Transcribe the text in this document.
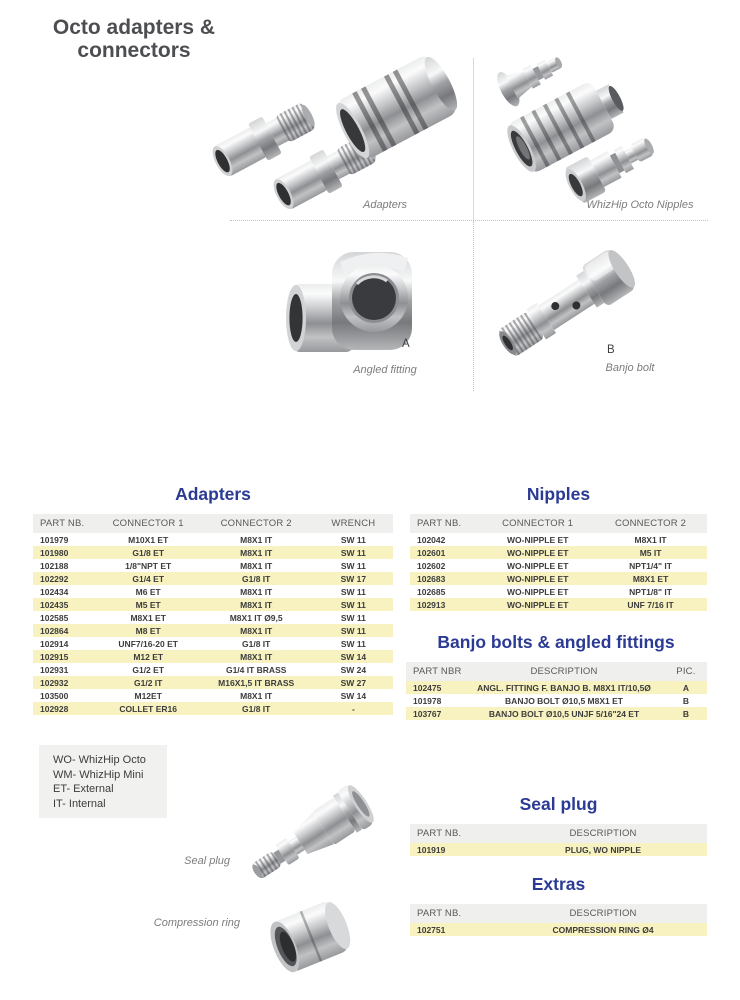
Octo adapters & connectors
Adapters	WhizHip Octo Nipples
A
Angled fitting
B
Banjo bolt
Adapters	Nipples
Banjo bolts & angled fittings
Seal plug
Extras
PART NB.	CONNECTOR 1	CONNECTOR 2	WRENCH
101979	M10X1 ET	M8X1 IT	SW 11
101980	G1/8 ET	M8X1 IT	SW 11
102188	1/8"NPT ET	M8X1 IT	SW 11
102292	G1/4 ET	G1/8 IT	SW 17
102434	M6 ET	M8X1 IT	SW 11
102435	M5 ET	M8X1 IT	SW 11
102585	M8X1 ET	M8X1 IT Ø9,5	SW 11
102864	M8 ET	M8X1 IT	SW 11
102914	UNF7/16-20 ET	G1/8 IT	SW 11
102915	M12 ET	M8X1 IT	SW 14
102931	G1/2 ET	G1/4 IT BRASS	SW 24
102932	G1/2 IT	M16X1,5 IT BRASS	SW 27
103500	M12ET	M8X1 IT	SW 14
102928	COLLET ER16	G1/8 IT	-
PART NB.	CONNECTOR 1	CONNECTOR 2
102042	WO-NIPPLE ET	M8X1 IT
102601	WO-NIPPLE ET	M5 IT
102602	WO-NIPPLE ET	NPT1/4" IT
102683	WO-NIPPLE ET	M8X1 ET
102685	WO-NIPPLE ET	NPT1/8" IT
102913	WO-NIPPLE ET	UNF 7/16 IT
PART NBR	DESCRIPTION	PIC.
102475	ANGL. FITTING F. BANJO B. M8X1 IT/10,5Ø	A
101978	BANJO BOLT Ø10,5 M8X1 ET	B
103767	BANJO BOLT Ø10,5 UNJF 5/16"24 ET	B
PART NB.	DESCRIPTION
101919	PLUG, WO NIPPLE
PART NB.	DESCRIPTION
102751	COMPRESSION RING Ø4
WO- WhizHip Octo
WM- WhizHip Mini
ET- External
IT- Internal
Seal plug
Compression ring
